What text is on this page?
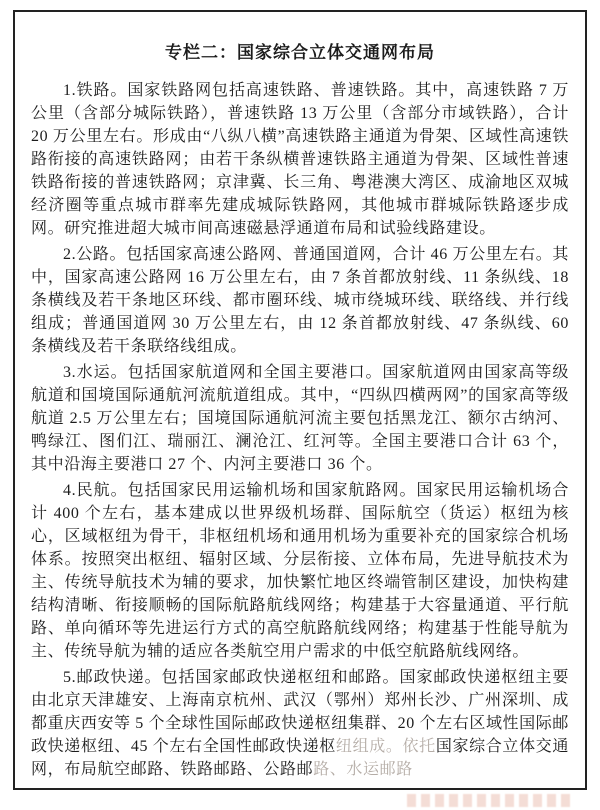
专栏二：国家综合立体交通网布局

1.铁路。国家铁路网包括高速铁路、普速铁路。其中，高速铁路 7 万公里（含部分城际铁路），普速铁路 13 万公里（含部分市域铁路），合计 20 万公里左右。形成由“八纵八横”高速铁路主通道为骨架、区域性高速铁路衔接的高速铁路网；由若干条纵横普速铁路主通道为骨架、区域性普速铁路衔接的普速铁路网；京津冀、长三角、粤港澳大湾区、成渝地区双城经济圈等重点城市群率先建成城际铁路网，其他城市群城际铁路逐步成网。研究推进超大城市间高速磁悬浮通道布局和试验线路建设。

2.公路。包括国家高速公路网、普通国道网，合计 46 万公里左右。其中，国家高速公路网 16 万公里左右，由 7 条首都放射线、11 条纵线、18 条横线及若干条地区环线、都市圈环线、城市绕城环线、联络线、并行线组成；普通国道网 30 万公里左右，由 12 条首都放射线、47 条纵线、60 条横线及若干条联络线组成。

3.水运。包括国家航道网和全国主要港口。国家航道网由国家高等级航道和国境国际通航河流航道组成。其中，“四纵四横两网”的国家高等级航道 2.5 万公里左右；国境国际通航河流主要包括黑龙江、额尔古纳河、鸭绿江、图们江、瑞丽江、澜沧江、红河等。全国主要港口合计 63 个，其中沿海主要港口 27 个、内河主要港口 36 个。

4.民航。包括国家民用运输机场和国家航路网。国家民用运输机场合计 400 个左右，基本建成以世界级机场群、国际航空（货运）枢纽为核心，区域枢纽为骨干，非枢纽机场和通用机场为重要补充的国家综合机场体系。按照突出枢纽、辐射区域、分层衔接、立体布局，先进导航技术为主、传统导航技术为辅的要求，加快繁忙地区终端管制区建设，加快构建结构清晰、衔接顺畅的国际航路航线网络；构建基于大容量通道、平行航路、单向循环等先进运行方式的高空航路航线网络；构建基于性能导航为主、传统导航为辅的适应各类航空用户需求的中低空航路航线网络。

5.邮政快递。包括国家邮政快递枢纽和邮路。国家邮政快递枢纽主要由北京天津雄安、上海南京杭州、武汉（鄂州）郑州长沙、广州深圳、成都重庆西安等 5 个全球性国际邮政快递枢纽集群、20 个左右区域性国际邮政快递枢纽、45 个左右全国性邮政快递枢纽组成。依托国家综合立体交通网，布局航空邮路、铁路邮路、公路邮路、水运邮路
